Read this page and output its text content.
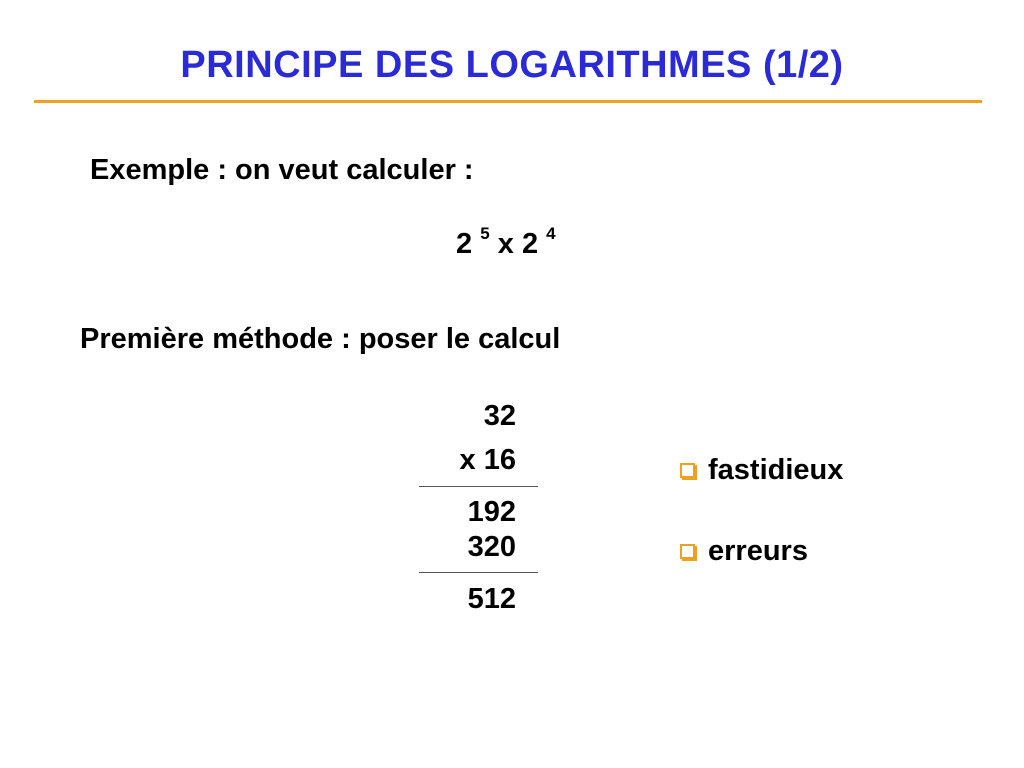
PRINCIPE DES LOGARITHMES (1/2)
Exemple : on veut calculer :
2 $^5$ x 2 $^4$
Première méthode : poser le calcul
32
x 16
192
320
512
fastidieux
erreurs
